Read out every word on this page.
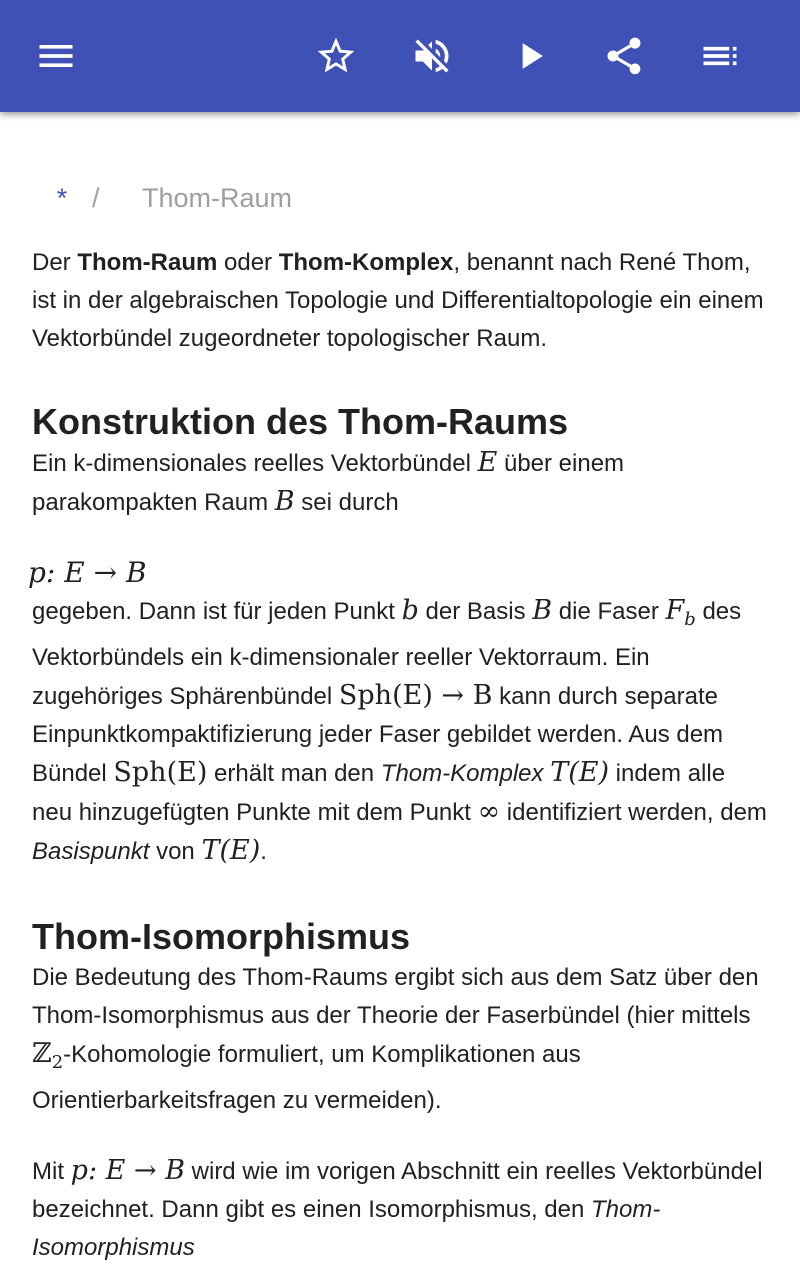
* / Thom-Raum

Der Thom-Raum oder Thom-Komplex, benannt nach René Thom, ist in der algebraischen Topologie und Differentialtopologie ein einem Vektorbündel zugeordneter topologischer Raum.

Konstruktion des Thom-Raums

Ein k-dimensionales reelles Vektorbündel E über einem parakompakten Raum B sei durch

p: E → B

gegeben. Dann ist für jeden Punkt b der Basis B die Faser $F_b$ des Vektorbündels ein k-dimensionaler reeller Vektorraum. Ein zugehöriges Sphärenbündel Sph(E) → B kann durch separate Einpunktkompaktifizierung jeder Faser gebildet werden. Aus dem Bündel Sph(E) erhält man den Thom-Komplex T(E) indem alle neu hinzugefügten Punkte mit dem Punkt ∞ identifiziert werden, dem Basispunkt von T(E).

Thom-Isomorphismus

Die Bedeutung des Thom-Raums ergibt sich aus dem Satz über den Thom-Isomorphismus aus der Theorie der Faserbündel (hier mittels ℤ$_2$-Kohomologie formuliert, um Komplikationen aus Orientierbarkeitsfragen zu vermeiden).

Mit p: E → B wird wie im vorigen Abschnitt ein reelles Vektorbündel bezeichnet. Dann gibt es einen Isomorphismus, den Thom-Isomorphismus
